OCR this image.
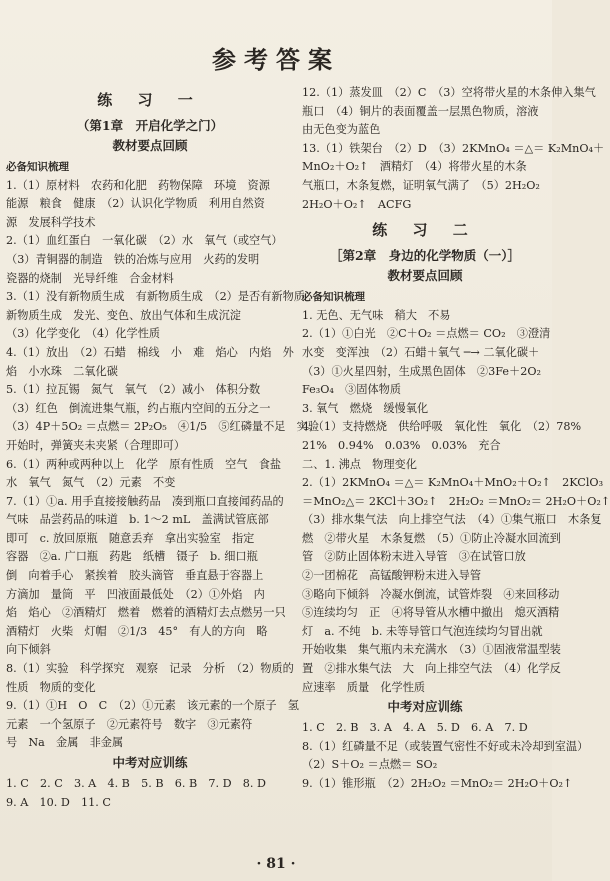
参考答案
练 习 一
（第1章　开启化学之门）
教材要点回顾
必备知识梳理
1.（1）原材料　农药和化肥　药物保障　环境　资源
能源　粮食　健康　（2）认识化学物质　利用自然资
源　发展科学技术
2.（1）血红蛋白　一氧化碳　（2）水　氧气（或空气）
（3）青铜器的制造　铁的冶炼与应用　火药的发明
瓷器的烧制　光导纤维　合金材料
3.（1）没有新物质生成　有新物质生成　（2）是否有新物质
新物质生成　发光、变色、放出气体和生成沉淀
（3）化学变化　（4）化学性质
4.（1）放出　（2）石蜡　棉线　小　难　焰心　内焰　外
焰　小水珠　二氧化碳
5.（1）拉瓦锡　氮气　氧气　（2）减小　体积分数
（3）红色　倒流进集气瓶，约占瓶内空间的五分之一
（3）4P＋5O₂ ＝点燃＝ 2P₂O₅　④1/5　⑤红磷量不足　实验
开始时，弹簧夹未夹紧（合理即可）
6.（1）两种或两种以上　化学　原有性质　空气　食盐
水　氧气　氮气　（2）元素　不变
7.（1）①a. 用手直接接触药品　凑到瓶口直接闻药品的
气味　品尝药品的味道　b. 1～2 mL　盖满试管底部
即可　c. 放回原瓶　随意丢弃　拿出实验室　指定
容器　②a. 广口瓶　药匙　纸槽　镊子　b. 细口瓶
倒　向着手心　紧挨着　胶头滴管　垂直悬于容器上
方滴加　量筒　平　凹液面最低处　（2）①外焰　内
焰　焰心　②酒精灯　燃着　燃着的酒精灯去点燃另一只
酒精灯　火柴　灯帽　②1/3　45°　有人的方向　略
向下倾斜
8.（1）实验　科学探究　观察　记录　分析　（2）物质的
性质　物质的变化
9.（1）①H　O　C　（2）①元素　该元素的一个原子　氢
元素　一个氢原子　②元素符号　数字　③元素符
号　Na　金属　非金属
中考对应训练
1. C　2. C　3. A　4. B　5. B　6. B　7. D　8. D
9. A　10. D　11. C
12.（1）蒸发皿　（2）C　（3）空将带火星的木条伸入集气
瓶口　（4）铜片的表面覆盖一层黑色物质，溶液
由无色变为蓝色
13.（1）铁架台　（2）D　（3）2KMnO₄ ＝△＝ K₂MnO₄＋
MnO₂＋O₂↑　酒精灯　（4）将带火星的木条
气瓶口，木条复燃，证明氧气满了　（5）2H₂O₂
2H₂O＋O₂↑　ACFG
练 习 二
［第2章　身边的化学物质（一）］
教材要点回顾
必备知识梳理
1. 无色、无气味　稍大　不易
2.（1）①白光　②C＋O₂ ＝点燃＝ CO₂　③澄清
水变　变浑浊　（2）石蜡＋氧气 ─→ 二氧化碳＋
（3）①火星四射，生成黑色固体　②3Fe＋2O₂
Fe₃O₄　③固体物质
3. 氧气　燃烧　缓慢氧化
4.（1）支持燃烧　供给呼吸　氧化性　氧化　（2）78%
21%　0.94%　0.03%　0.03%　充合
二、1. 沸点　物理变化
2.（1）2KMnO₄ ＝△＝ K₂MnO₄＋MnO₂＋O₂↑　2KClO₃
＝MnO₂△＝ 2KCl＋3O₂↑　2H₂O₂ ＝MnO₂＝ 2H₂O＋O₂↑
（3）排水集气法　向上排空气法　（4）①集气瓶口　木条复
燃　②带火星　木条复燃　（5）①防止冷凝水回流到
管　②防止固体粉末进入导管　③在试管口放
②一团棉花　高锰酸钾粉末进入导管
③略向下倾斜　冷凝水倒流，试管炸裂　④来回移动
⑤连续均匀　正　④将导管从水槽中撤出　熄灭酒精
灯　a. 不纯　b. 未等导管口气泡连续均匀冒出就
开始收集　集气瓶内未充满水　（3）①固液常温型装
置　②排水集气法　大　向上排空气法　（4）化学反
应速率　质量　化学性质
中考对应训练
1. C　2. B　3. A　4. A　5. D　6. A　7. D
8.（1）红磷量不足（或装置气密性不好或未冷却到室温）
（2）S＋O₂ ＝点燃＝ SO₂
9.（1）锥形瓶　（2）2H₂O₂ ＝MnO₂＝ 2H₂O＋O₂↑
· 81 ·
